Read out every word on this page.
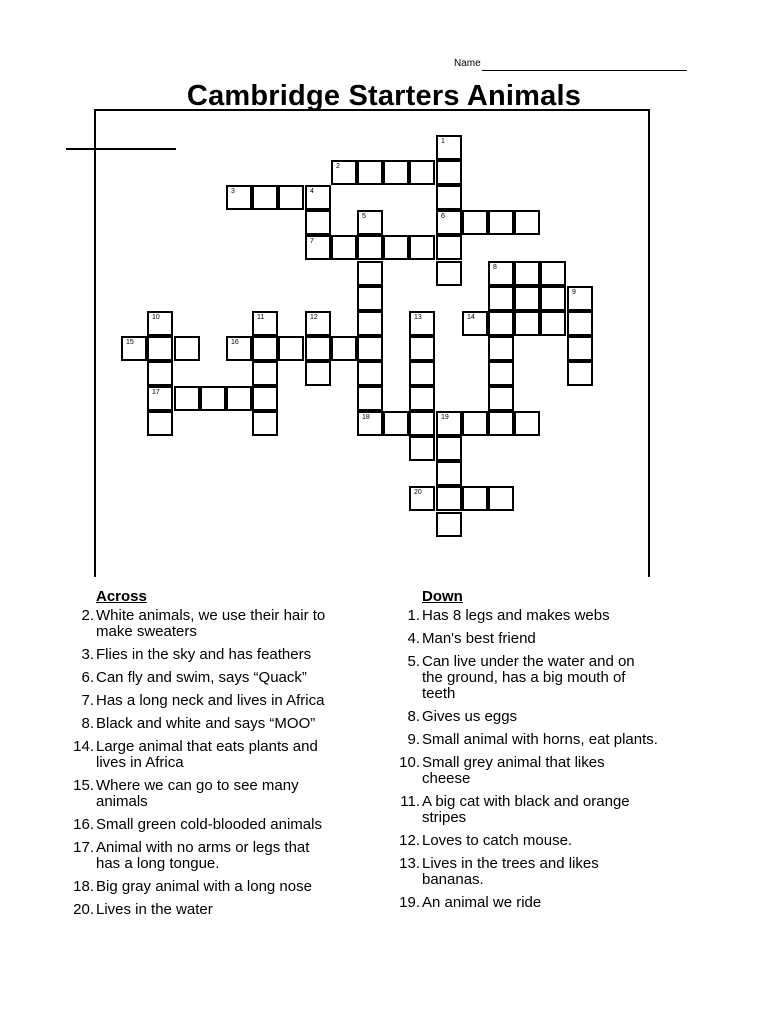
Name
Cambridge Starters Animals
1
2
3	4
5	6
7
8
9
10	11	12	13	14
15	16
17
18	19
20
Across
2. White animals, we use their hair to
make sweaters
3. Flies in the sky and has feathers
6. Can fly and swim, says “Quack”
7. Has a long neck and lives in Africa
8. Black and white and says “MOO”
14. Large animal that eats plants and
lives in Africa
15. Where we can go to see many
animals
16. Small green cold-blooded animals
17. Animal with no arms or legs that
has a long tongue.
18. Big gray animal with a long nose
20. Lives in the water
Down
1. Has 8 legs and makes webs
4. Man's best friend
5. Can live under the water and on
the ground, has a big mouth of
teeth
8. Gives us eggs
9. Small animal with horns, eat plants.
10. Small grey animal that likes
cheese
11. A big cat with black and orange
stripes
12. Loves to catch mouse.
13. Lives in the trees and likes
bananas.
19. An animal we ride
